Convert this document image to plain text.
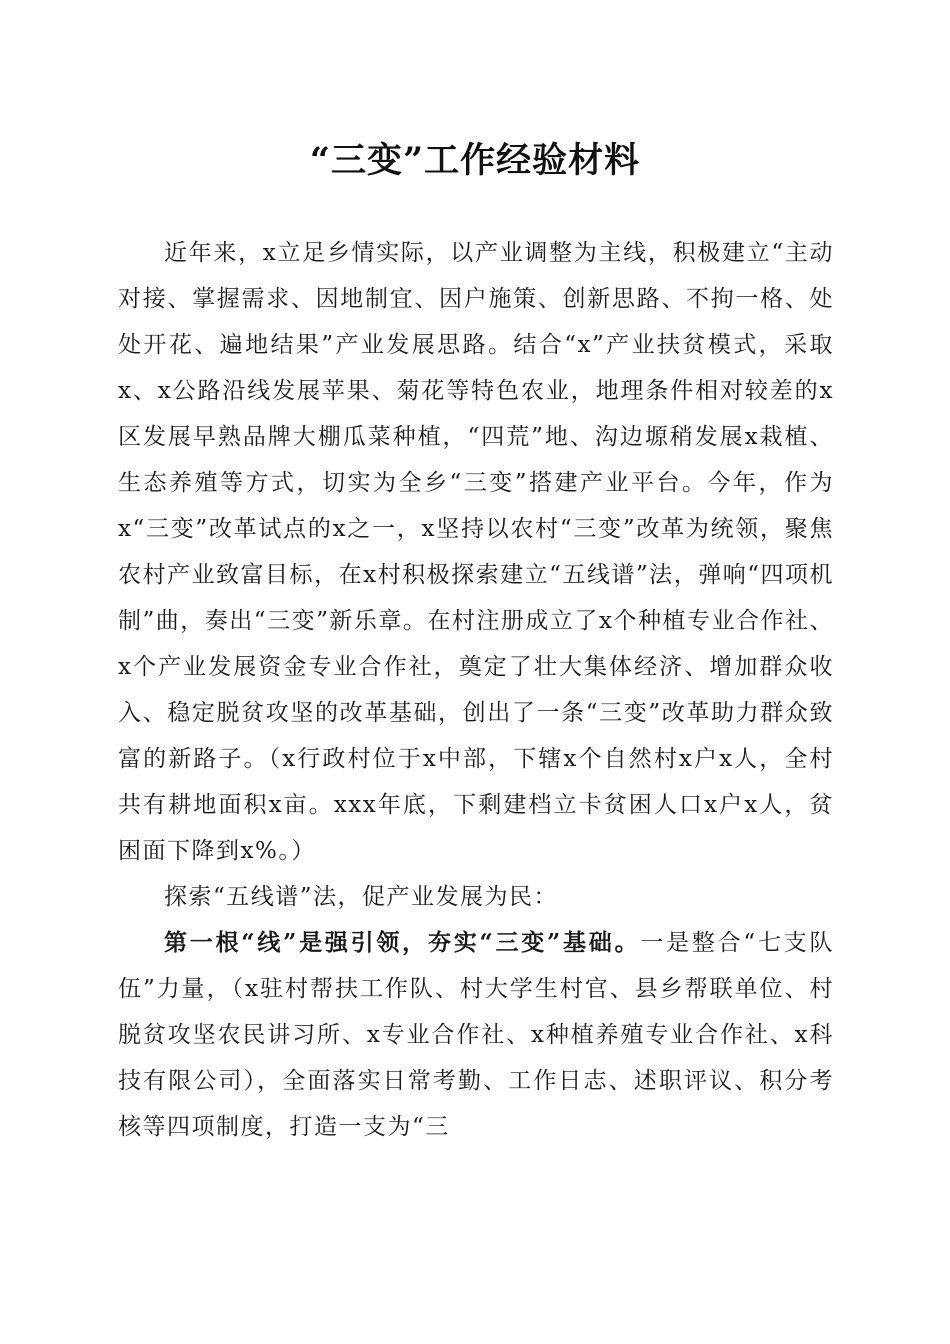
“三变”工作经验材料

近年来，x立足乡情实际，以产业调整为主线，积极建立“主动对接、掌握需求、因地制宜、因户施策、创新思路、不拘一格、处处开花、遍地结果”产业发展思路。结合“x”产业扶贫模式，采取x、x公路沿线发展苹果、菊花等特色农业，地理条件相对较差的x区发展早熟品牌大棚瓜菜种植，“四荒”地、沟边塬稍发展x栽植、生态养殖等方式，切实为全乡“三变”搭建产业平台。今年，作为x“三变”改革试点的x之一，x坚持以农村“三变”改革为统领，聚焦农村产业致富目标，在x村积极探索建立“五线谱”法，弹响“四项机制”曲，奏出“三变”新乐章。在村注册成立了x个种植专业合作社、x个产业发展资金专业合作社，奠定了壮大集体经济、增加群众收入、稳定脱贫攻坚的改革基础，创出了一条“三变”改革助力群众致富的新路子。（x行政村位于x中部，下辖x个自然村x户x人，全村共有耕地面积x亩。xxx年底，下剩建档立卡贫困人口x户x人，贫困面下降到x%。）

探索“五线谱”法，促产业发展为民：

第一根“线”是强引领，夯实“三变”基础。一是整合“七支队伍”力量，（x驻村帮扶工作队、村大学生村官、县乡帮联单位、村脱贫攻坚农民讲习所、x专业合作社、x种植养殖专业合作社、x科技有限公司），全面落实日常考勤、工作日志、述职评议、积分考核等四项制度，打造一支为“三
